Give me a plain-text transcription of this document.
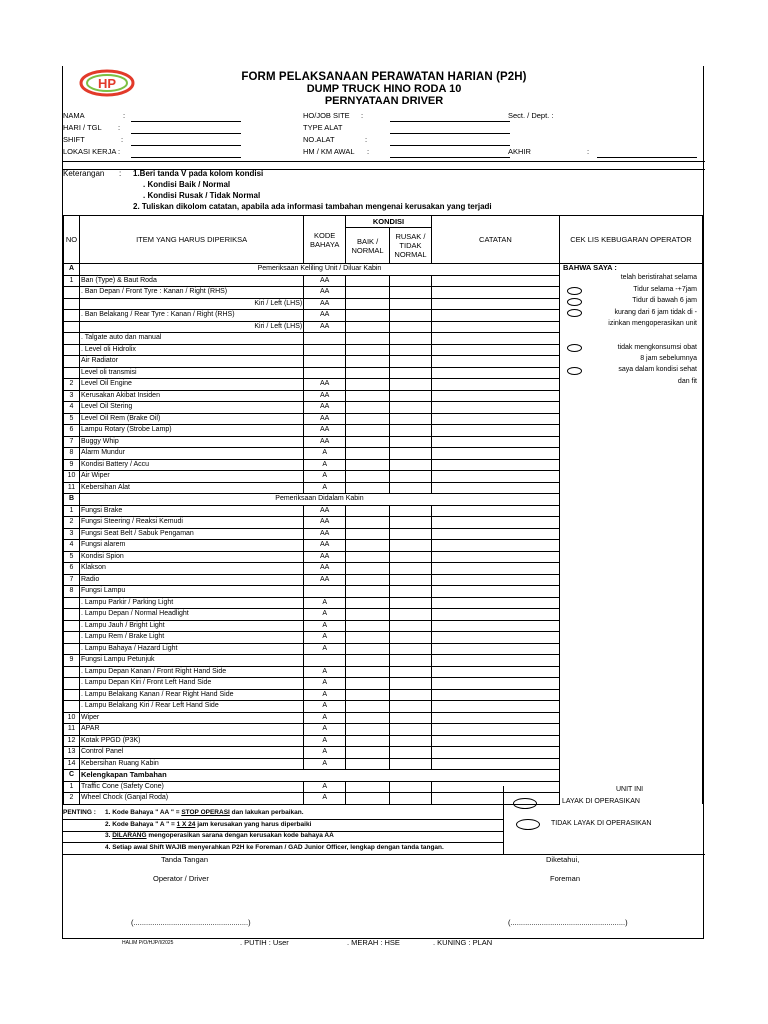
HP	FORM PELAKSANAAN PERAWATAN HARIAN (P2H)
DUMP TRUCK HINO RODA 10
PERNYATAAN DRIVER
NAMA	:
HARI / TGL :
SHIFT	:
LOKASI KERJA :
HO/JOB SITE :
TYPE ALAT
NO.ALAT	:
HM / KM AWAL :
Sect. / Dept. :
AKHIR	:
Keterangan : 1.Beri tanda V pada kolom kondisi
. Kondisi Baik / Normal
. Kondisi Rusak / Tidak Normal
2. Tuliskan dikolom catatan, apabila ada informasi tambahan mengenai kerusakan yang terjadi
NO	ITEM YANG HARUS DIPERIKSA	KODE BAHAYA	KONDISI		CATATAN	CEK LIS KEBUGARAN OPERATOR
			BAIK / NORMAL	RUSAK / TIDAK NORMAL		

A	Pemeriksaan Keliling Unit / Diluar Kabin					
1	Ban (Type) & Baut Roda	AA				
	. Ban Depan / Front Tyre : Kanan / Right (RHS)	AA				
	Kiri / Left (LHS)	AA				
	. Ban Belakang / Rear Tyre : Kanan / Right (RHS)	AA				
	Kiri / Left (LHS)	AA				
	. Talgate auto dan manual					
	. Level oli Hidrolix					
	Air Radiator					
	Level oli transmisi					
2	Level Oil Engine	AA				
3	Kerusakan Akibat Insiden	AA				
4	Level Oil Stering	AA				
5	Level Oil Rem (Brake Oil)	AA				
6	Lampu Rotary (Strobe Lamp)	AA				
7	Buggy Whip	AA				
8	Alarm Mundur	A				
9	Kondisi Battery / Accu	A				
10	Air Wiper	A				
11	Kebersihan Alat	A				
B	Pemeriksaan Didalam Kabin					
1	Fungsi Brake	AA				
2	Fungsi Steering / Reaksi Kemudi	AA				
3	Fungsi Seat Belt / Sabuk Pengaman	AA				
4	Fungsi alarem	AA				
5	Kondisi Spion	AA				
6	Klakson	AA				
7	Radio	AA				
8	Fungsi Lampu					
	. Lampu Parkir / Parking Light	A				
	. Lampu Depan / Normal Headlight	A				
	. Lampu Jauh / Bright Light	A				
	. Lampu Rem / Brake Light	A				
	. Lampu Bahaya / Hazard Light	A				
9	Fungsi Lampu Petunjuk					
	. Lampu Depan Kanan / Front Right Hand Side	A				
	. Lampu Depan Kiri / Front Left Hand Side	A				
	. Lampu Belakang Kanan / Rear Right Hand Side	A				
	. Lampu Belakang Kiri / Rear Left Hand Side	A				
10	Wiper	A				
11	APAR	A				
12	Kotak PPGD (P3K)	A				
13	Control Panel	A				
14	Kebersihan Ruang Kabin	A				
C	Kelengkapan Tambahan					
1	Traffic Cone (Safety Cone)	A				
2	Wheel Chock (Ganjal Roda)	A				
BAHWA SAYA :
telah beristirahat selama
Tidur selama -+7jam
Tidur di bawah 6 jam
kurang dari 6 jam tidak di -
izinkan mengoperasikan unit
tidak mengkonsumsi obat
8 jam sebelumnya
saya dalam kondisi sehat
dan fit
UNIT INI
LAYAK DI OPERASIKAN
TIDAK LAYAK DI OPERASIKAN
PENTING : 1. Kode Bahaya " AA " = STOP OPERASI dan lakukan perbaikan.
2. Kode Bahaya " A " = 1 X 24 jam kerusakan yang harus diperbaiki
3. DILARANG mengoperasikan sarana dengan kerusakan kode bahaya AA
4. Setiap awal Shift WAJIB menyerahkan P2H ke Foreman / GAD Junior Officer, lengkap dengan tanda tangan.
Tanda Tangan	Diketahui,
Operator / Driver	Foreman
(.......................................................)	(.......................................................)
HALIM P/O/HJP/I/2025	. PUTIH : User	. MERAH : HSE	. KUNING : PLAN
